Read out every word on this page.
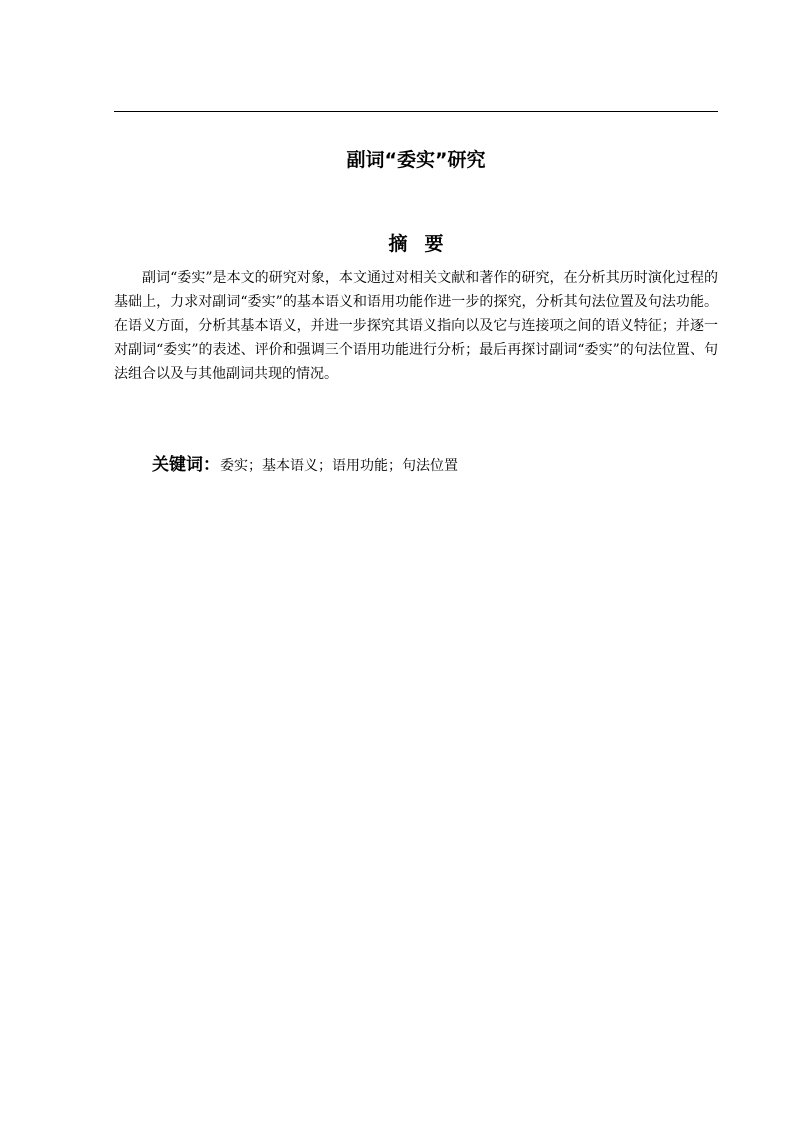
副词“委实”研究
摘要

副词“委实”是本文的研究对象，本文通过对相关文献和著作的研究，在分析其历时演化过程的基础上，力求对副词“委实”的基本语义和语用功能作进一步的探究，分析其句法位置及句法功能。在语义方面，分析其基本语义，并进一步探究其语义指向以及它与连接项之间的语义特征；并逐一对副词“委实”的表述、评价和强调三个语用功能进行分析；最后再探讨副词“委实”的句法位置、句法组合以及与其他副词共现的情况。

关键词：委实；基本语义；语用功能；句法位置
